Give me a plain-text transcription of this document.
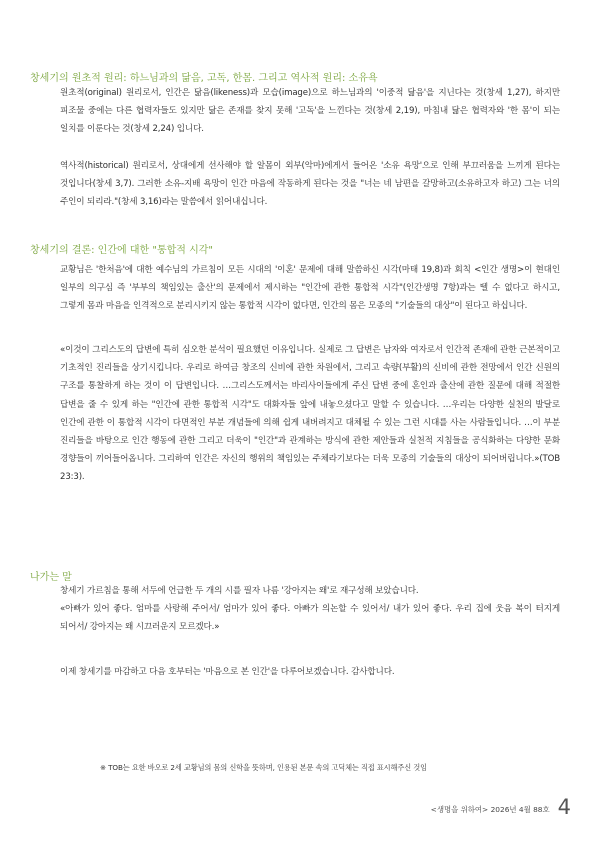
창세기의 원초적 원리: 하느님과의 닮음, 고독, 한몸. 그리고 역사적 원리: 소유욕

원초적(original) 원리로서, 인간은 닮음(likeness)과 모습(image)으로 하느님과의 '이중적 닮음'을 지닌다는 것(창세 1,27), 하지만 피조물 중에는 다른 협력자들도 있지만 닮은 존재를 찾지 못해 '고독'을 느낀다는 것(창세 2,19), 마침내 닮은 협력자와 '한 몸'이 되는 일치를 이룬다는 것(창세 2,24) 입니다.

역사적(historical) 원리로서, 상대에게 선사해야 할 알몸이 외부(악마)에게서 들어온 '소유 욕망'으로 인해 부끄러움을 느끼게 된다는 것입니다(창세 3,7). 그러한 소유-지배 욕망이 인간 마음에 작동하게 된다는 것을 "너는 네 남편을 갈망하고(소유하고자 하고) 그는 너의 주인이 되리라."(창세 3,16)라는 말씀에서 읽어내십니다.

창세기의 결론: 인간에 대한 "통합적 시각"

교황님은 '한처음'에 대한 예수님의 가르침이 모든 시대의 '이혼' 문제에 대해 말씀하신 시각(마태 19,8)과 회칙 <인간 생명>이 현대인 일부의 의구심 즉 '부부의 책임있는 출산'의 문제에서 제시하는 "인간에 관한 통합적 시각"(인간생명 7항)과는 뗄 수 없다고 하시고, 그렇게 몸과 마음을 인격적으로 분리시키지 않는 통합적 시각이 없다면, 인간의 몸은 모종의 "기술들의 대상"이 된다고 하십니다.

«이것이 그리스도의 답변에 특히 심오한 분석이 필요했던 이유입니다. 실제로 그 답변은 남자와 여자로서 인간적 존재에 관한 근본적이고 기초적인 진리들을 상기시킵니다. 우리로 하여금 창조의 신비에 관한 차원에서, 그리고 속량(부활)의 신비에 관한 전망에서 인간 신원의 구조를 통찰하게 하는 것이 이 답변입니다. …그리스도께서는 바리사이들에게 주신 답변 중에 혼인과 출산에 관한 질문에 대해 적절한 답변을 줄 수 있게 하는 "인간에 관한 통합적 시각"도 대화자들 앞에 내놓으셨다고 말할 수 있습니다. …우리는 다양한 실천의 발달로 인간에 관한 이 통합적 시각이 다면적인 부분 개념들에 의해 쉽게 내버려지고 대체될 수 있는 그런 시대를 사는 사람들입니다. …이 부분 진리들을 바탕으로 인간 행동에 관한 그리고 더욱이 "인간"과 관계하는 방식에 관한 제안들과 실천적 지침들을 공식화하는 다양한 문화 경향들이 끼어들어옵니다. 그리하여 인간은 자신의 행위의 책임있는 주체라기보다는 더욱 모종의 기술들의 대상이 되어버립니다.»(TOB 23:3).

나가는 말

창세기 가르침을 통해 서두에 언급한 두 개의 시를 필자 나름 '강아지는 왜'로 재구성해 보았습니다.

«아빠가 있어 좋다. 엄마를 사랑해 주어서/ 엄마가 있어 좋다. 아빠가 의논할 수 있어서/ 내가 있어 좋다. 우리 집에 웃음 복이 터지게 되어서/ 강아지는 왜 시끄러운지 모르겠다.»

이제 창세기를 마감하고 다음 호부터는 '마음으로 본 인간'을 다루어보겠습니다. 감사합니다.

※ TOB는 요한 바오로 2세 교황님의 몸의 신학을 뜻하며, 인용된 본문 속의 고딕체는 직접 표시해주신 것임
<생명을 위하여> 2026년 4월 88호 4
